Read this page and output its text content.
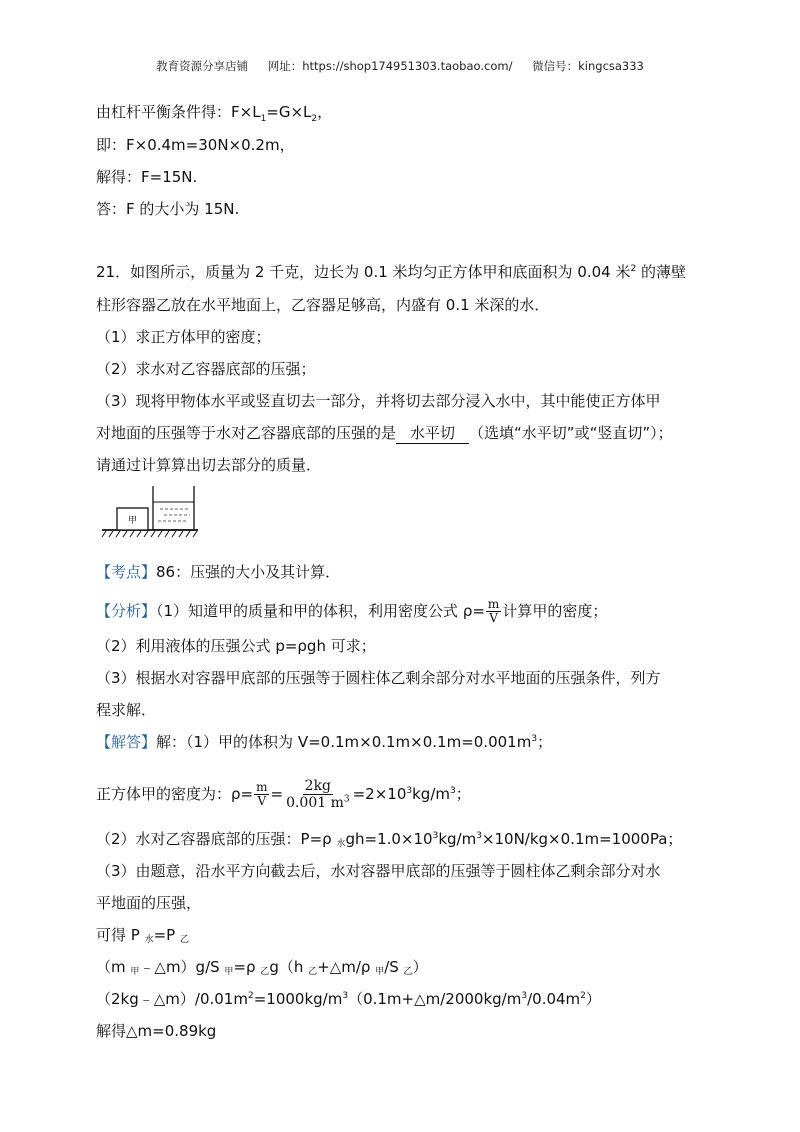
教育资源分享店铺 网址：https://shop174951303.taobao.com/ 微信号：kingcsa333
由杠杆平衡条件得：$F\times L_1=G\times L_2$，
即：F×0.4m=30N×0.2m，
解得：F=15N.
答：F 的大小为 15N.
21．如图所示，质量为 2 千克，边长为 0.1 米均匀正方体甲和底面积为 0.04 米$^2$ 的薄壁
柱形容器乙放在水平地面上，乙容器足够高，内盛有 0.1 米深的水．
（1）求正方体甲的密度；
（2）求水对乙容器底部的压强；
（3）现将甲物体水平或竖直切去一部分，并将切去部分浸入水中，其中能使正方体甲
对地面的压强等于水对乙容器底部的压强的是 水平切 （选填“水平切”或“竖直切”）；
请通过计算算出切去部分的质量．
甲
【考点】86：压强的大小及其计算．
【分析】（1）知道甲的质量和甲的体积，利用密度公式 $\rho= \frac{m}{V}$ 计算甲的密度；
（2）利用液体的压强公式 p=ρgh 可求；
（3）根据水对容器甲底部的压强等于圆柱体乙剩余部分对水平地面的压强条件，列方
程求解．
【解答】解：（1）甲的体积为 $V=0.1m\times 0.1m\times 0.1m=0.001m^3$；
正方体甲的密度为：$\rho= \frac{m}{V} = \frac{2kg}{0.001 m^3} =2\times 10^3kg/m^3$；
（2）水对乙容器底部的压强：P=ρ 水$gh=1.0\times 10^3kg/m^3\times 10N/kg\times 0.1m=1000Pa$；
（3）由题意，沿水平方向截去后，水对容器甲底部的压强等于圆柱体乙剩余部分对水
平地面的压强，
可得 P 水=P 乙
（m 甲﹣△m）g/S 甲=ρ 乙g（h 乙+△m/ρ 甲/S 乙）
$(2kg﹣\triangle m)/0.01m^2=1000kg/m^3(0.1m+\triangle m/2000kg/m^3/0.04m^2)$
解得△m=0.89kg
